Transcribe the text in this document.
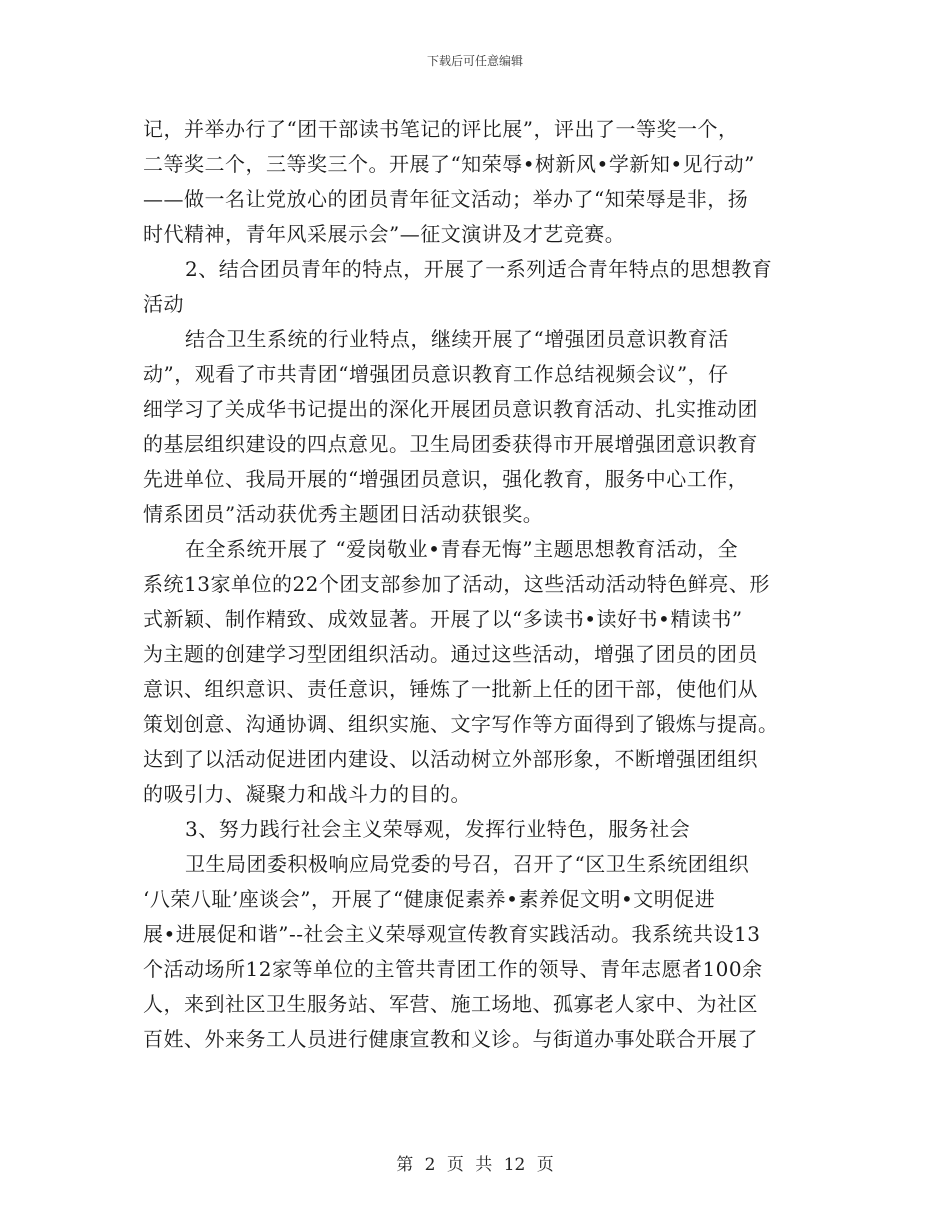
下载后可任意编辑
记，并举办行了“团干部读书笔记的评比展”，评出了一等奖一个，
二等奖二个，三等奖三个。开展了“知荣辱•树新风•学新知•见行动”
——做一名让党放心的团员青年征文活动；举办了“知荣辱是非，扬
时代精神，青年风采展示会”—征文演讲及才艺竞赛。
2、结合团员青年的特点，开展了一系列适合青年特点的思想教育
活动
结合卫生系统的行业特点，继续开展了“增强团员意识教育活
动”，观看了市共青团“增强团员意识教育工作总结视频会议”，仔
细学习了关成华书记提出的深化开展团员意识教育活动、扎实推动团
的基层组织建设的四点意见。卫生局团委获得市开展增强团意识教育
先进单位、我局开展的“增强团员意识，强化教育，服务中心工作，
情系团员”活动获优秀主题团日活动获银奖。
在全系统开展了 “爱岗敬业•青春无悔”主题思想教育活动，全
系统13家单位的22个团支部参加了活动，这些活动活动特色鲜亮、形
式新颖、制作精致、成效显著。开展了以“多读书•读好书•精读书”
为主题的创建学习型团组织活动。通过这些活动，增强了团员的团员
意识、组织意识、责任意识，锤炼了一批新上任的团干部，使他们从
策划创意、沟通协调、组织实施、文字写作等方面得到了锻炼与提高。
达到了以活动促进团内建设、以活动树立外部形象，不断增强团组织
的吸引力、凝聚力和战斗力的目的。
3、努力践行社会主义荣辱观，发挥行业特色，服务社会
卫生局团委积极响应局党委的号召，召开了“区卫生系统团组织
‘八荣八耻’座谈会”，开展了“健康促素养•素养促文明•文明促进
展•进展促和谐”--社会主义荣辱观宣传教育实践活动。我系统共设13
个活动场所12家等单位的主管共青团工作的领导、青年志愿者100余
人，来到社区卫生服务站、军营、施工场地、孤寡老人家中、为社区
百姓、外来务工人员进行健康宣教和义诊。与街道办事处联合开展了
第 2 页 共 12 页
